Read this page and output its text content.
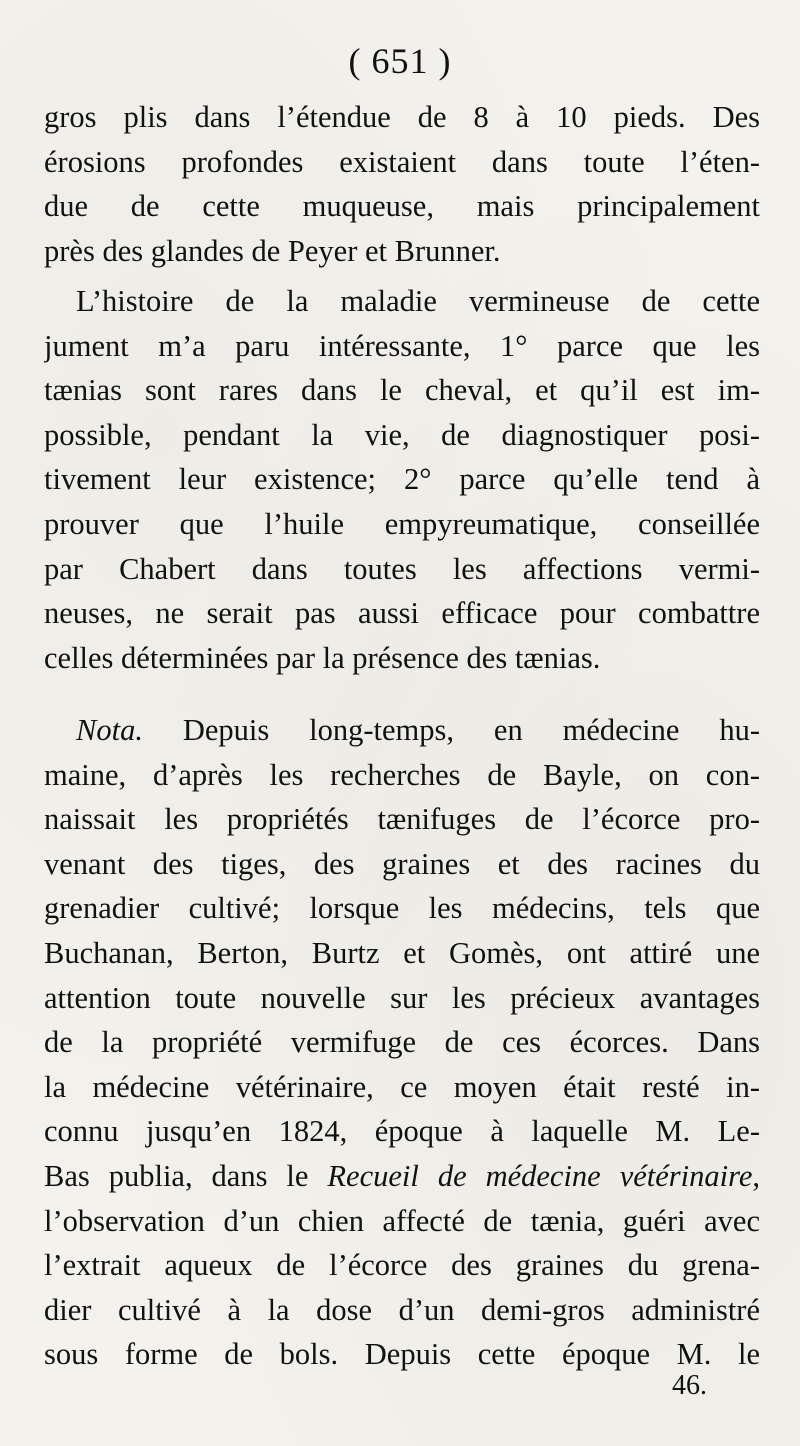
( 651 )
gros plis dans l’étendue de 8 à 10 pieds. Des
érosions profondes existaient dans toute l’éten-
due de cette muqueuse, mais principalement
près des glandes de Peyer et Brunner.
L’histoire de la maladie vermineuse de cette
jument m’a paru intéressante, 1° parce que les
tænias sont rares dans le cheval, et qu’il est im-
possible, pendant la vie, de diagnostiquer posi-
tivement leur existence; 2° parce qu’elle tend à
prouver que l’huile empyreumatique, conseillée
par Chabert dans toutes les affections vermi-
neuses, ne serait pas aussi efficace pour combattre
celles déterminées par la présence des tænias.
Nota. Depuis long-temps, en médecine hu-
maine, d’après les recherches de Bayle, on con-
naissait les propriétés tænifuges de l’écorce pro-
venant des tiges, des graines et des racines du
grenadier cultivé; lorsque les médecins, tels que
Buchanan, Berton, Burtz et Gomès, ont attiré une
attention toute nouvelle sur les précieux avantages
de la propriété vermifuge de ces écorces. Dans
la médecine vétérinaire, ce moyen était resté in-
connu jusqu’en 1824, époque à laquelle M. Le-
Bas publia, dans le Recueil de médecine vétérinaire,
l’observation d’un chien affecté de tænia, guéri avec
l’extrait aqueux de l’écorce des graines du grena-
dier cultivé à la dose d’un demi-gros administré
sous forme de bols. Depuis cette époque M. le
46.
